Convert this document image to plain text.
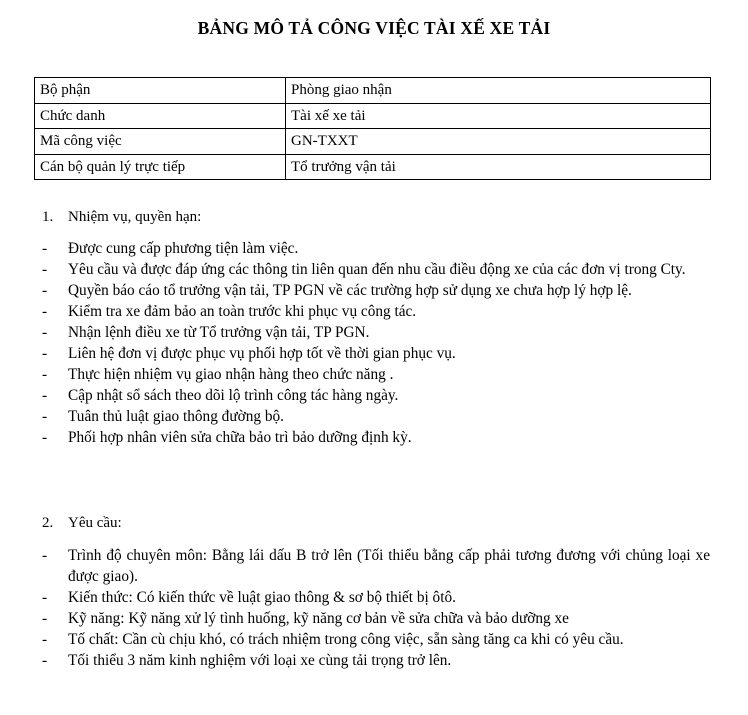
BẢNG MÔ TẢ CÔNG VIỆC TÀI XẾ XE TẢI
Bộ phận	Phòng giao nhận
Chức danh	Tài xế xe tải
Mã công việc	GN-TXXT
Cán bộ quản lý trực tiếp	Tổ trưởng vận tải
1. Nhiệm vụ, quyền hạn:
-	Được cung cấp phương tiện làm việc.
-	Yêu cầu và được đáp ứng các thông tin liên quan đến nhu cầu điều động xe của các đơn vị trong Cty.
-	Quyền báo cáo tổ trưởng vận tải, TP PGN về các trường hợp sử dụng xe chưa hợp lý hợp lệ.
-	Kiểm tra xe đảm bảo an toàn trước khi phục vụ công tác.
-	Nhận lệnh điều xe từ Tổ trưởng vận tải, TP PGN.
-	Liên hệ đơn vị được phục vụ phối hợp tốt về thời gian phục vụ.
-	Thực hiện nhiệm vụ giao nhận hàng theo chức năng .
-	Cập nhật sổ sách theo dõi lộ trình công tác hàng ngày.
-	Tuân thủ luật giao thông đường bộ.
-	Phối hợp nhân viên sửa chữa bảo trì bảo dưỡng định kỳ.
2. Yêu cầu:
-	Trình độ chuyên môn: Bằng lái dấu B trở lên (Tối thiểu bằng cấp phải tương đương với chủng loại xe được giao).
-	Kiến thức: Có kiến thức về luật giao thông & sơ bộ thiết bị ôtô.
-	Kỹ năng: Kỹ năng xử lý tình huống, kỹ năng cơ bản về sửa chữa và bảo dưỡng xe
-	Tố chất: Cần cù chịu khó, có trách nhiệm trong công việc, sẵn sàng tăng ca khi có yêu cầu.
-	Tối thiểu 3 năm kinh nghiệm với loại xe cùng tải trọng trở lên.
